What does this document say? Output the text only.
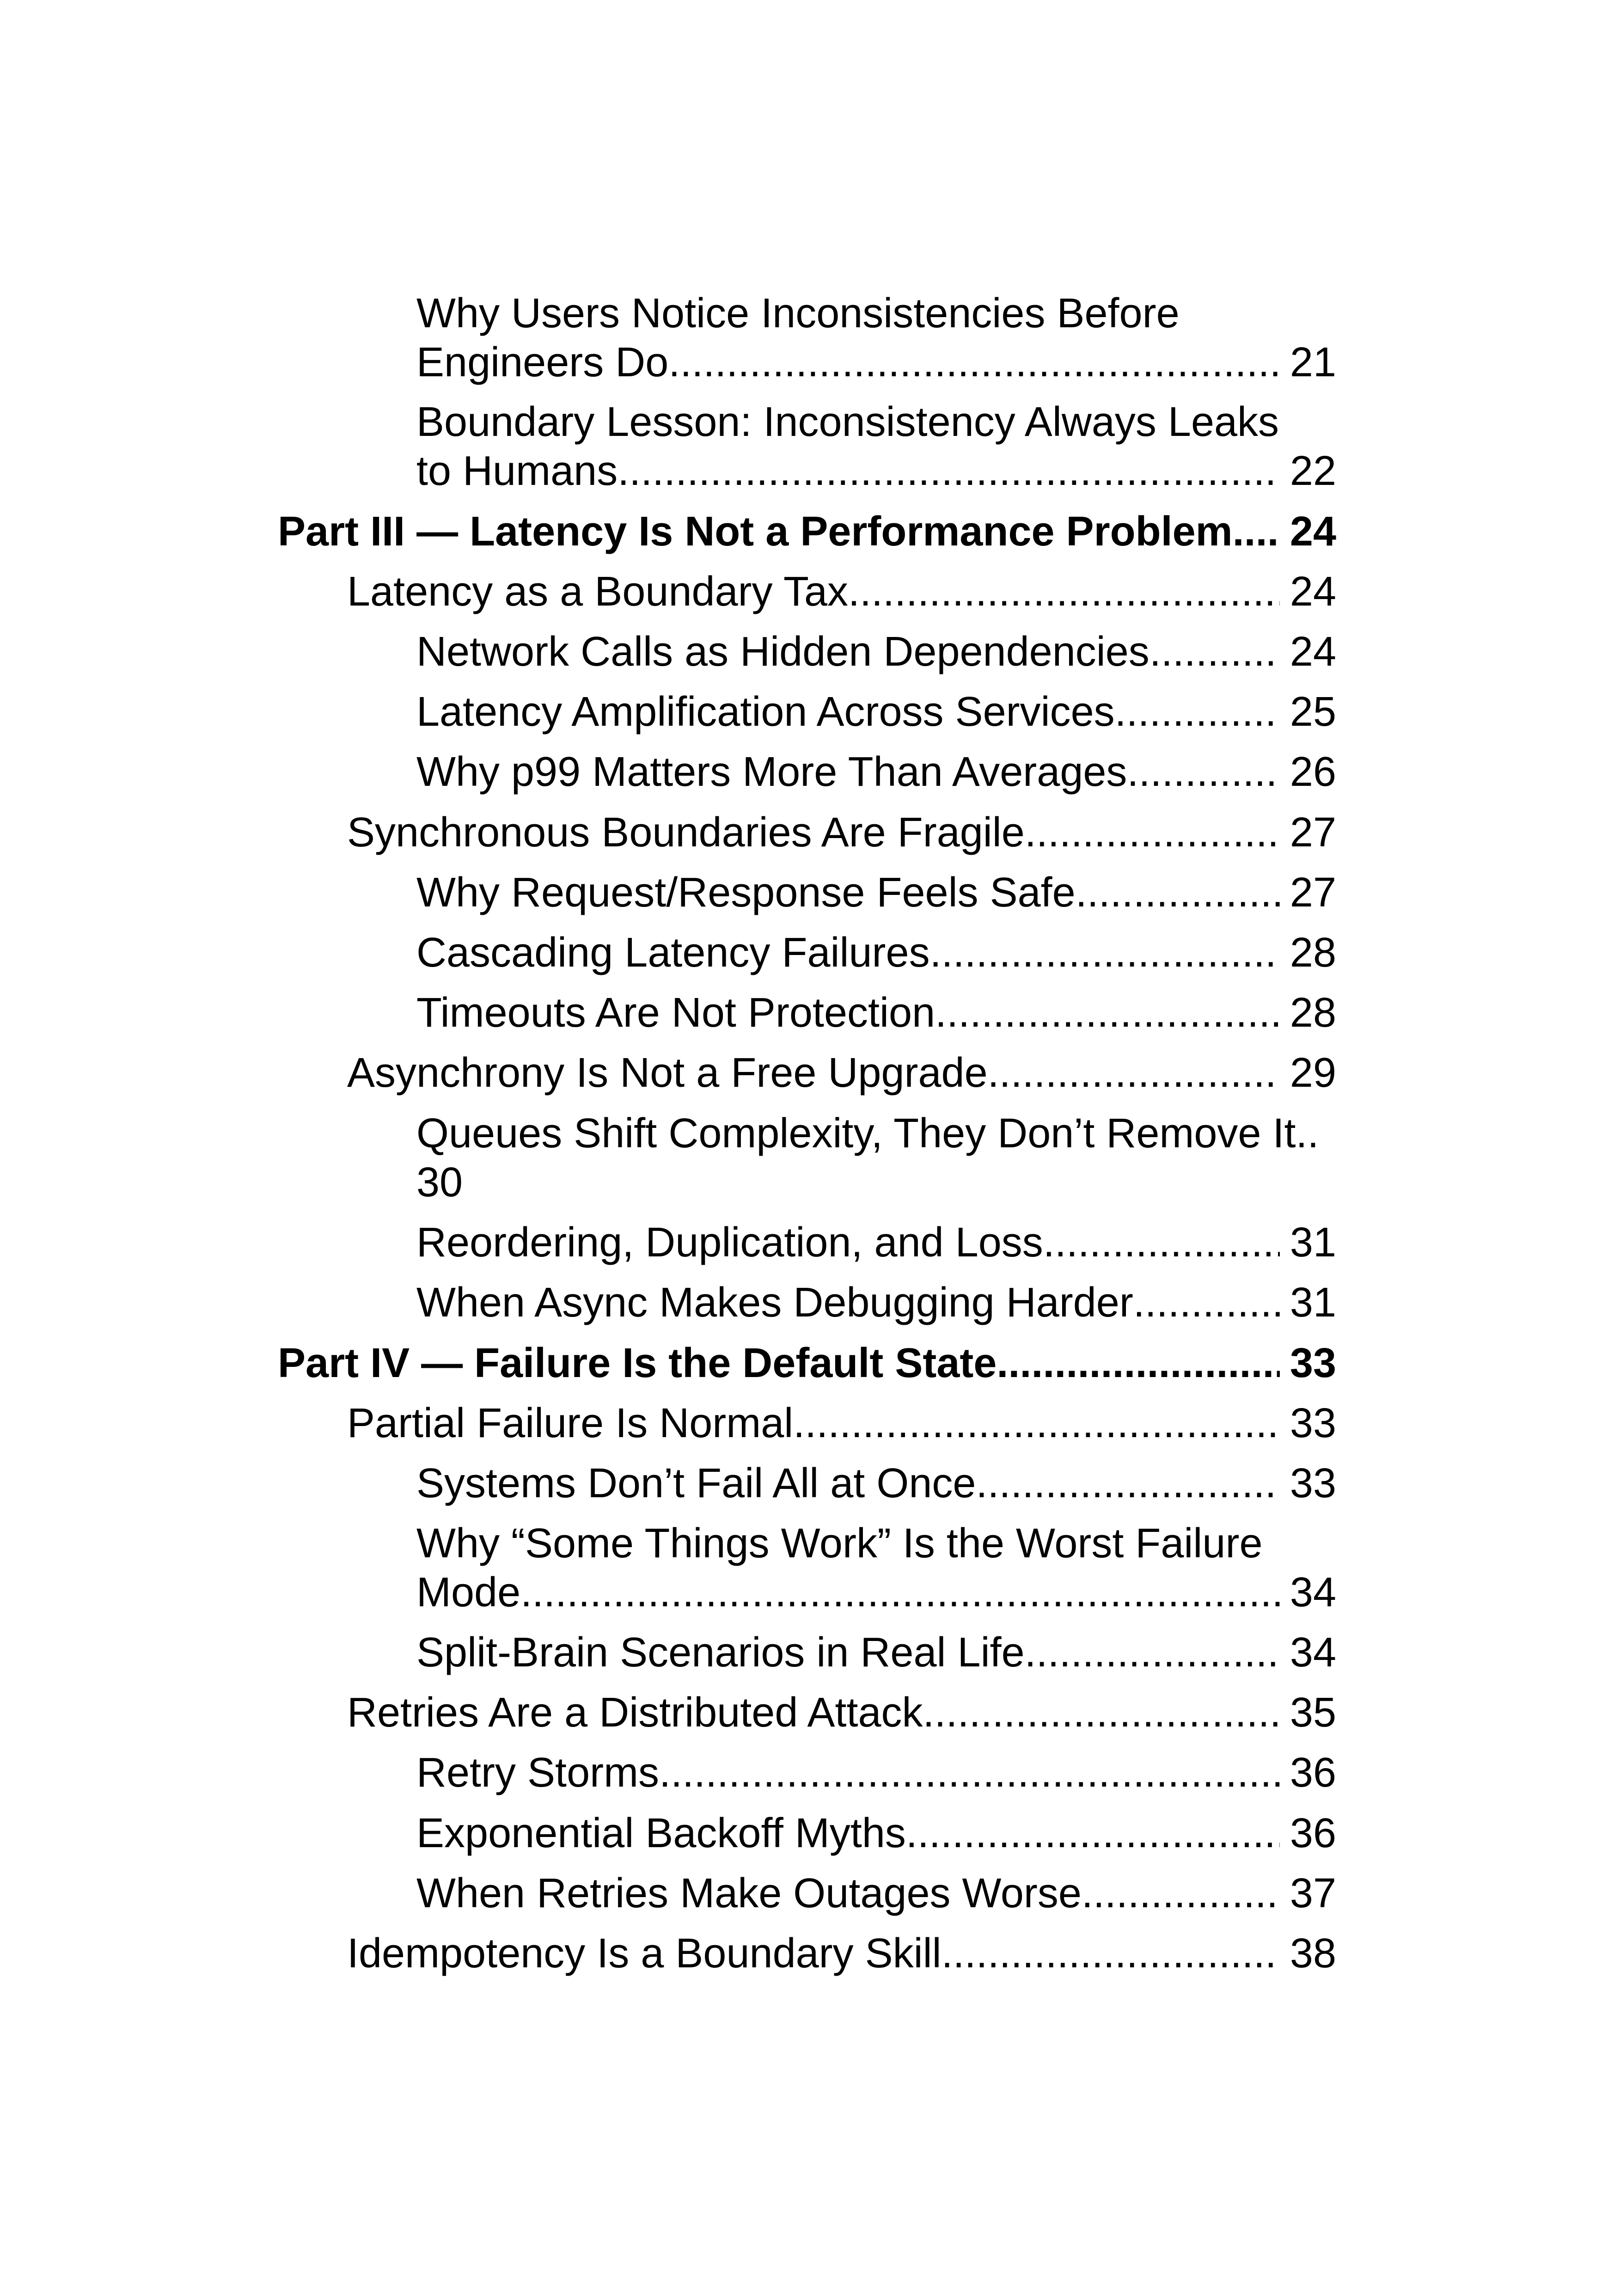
Why Users Notice Inconsistencies Before
Engineers Do .....	21
Boundary Lesson: Inconsistency Always Leaks
to Humans .....	22
Part III — Latency Is Not a Performance Problem ..... 24
Latency as a Boundary Tax .....	24
Network Calls as Hidden Dependencies .....	24
Latency Amplification Across Services .....	25
Why p99 Matters More Than Averages .....	26
Synchronous Boundaries Are Fragile .....	27
Why Request/Response Feels Safe .....	27
Cascading Latency Failures .....	28
Timeouts Are Not Protection .....	28
Asynchrony Is Not a Free Upgrade .....	29
Queues Shift Complexity, They Don’t Remove It..
30
Reordering, Duplication, and Loss .....	31
When Async Makes Debugging Harder .....	31
Part IV — Failure Is the Default State .....	33
Partial Failure Is Normal .....	33
Systems Don’t Fail All at Once .....	33
Why “Some Things Work” Is the Worst Failure
Mode .....	34
Split-Brain Scenarios in Real Life .....	34
Retries Are a Distributed Attack .....	35
Retry Storms .....	36
Exponential Backoff Myths .....	36
When Retries Make Outages Worse .....	37
Idempotency Is a Boundary Skill .....	38
